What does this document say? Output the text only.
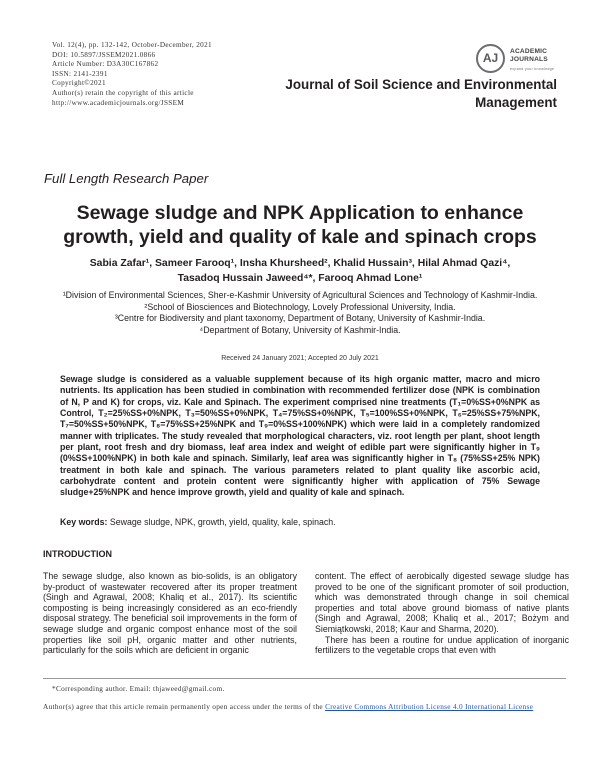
Vol. 12(4), pp. 132-142, October-December, 2021
DOI: 10.5897/JSSEM2021.0866
Article Number: D3A30C167862
ISSN: 2141-2391
Copyright©2021
Author(s) retain the copyright of this article
http://www.academicjournals.org/JSSEM
AJ	ACADEMIC
JOURNALS
expand your knowledge
Journal of Soil Science and Environmental Management
Full Length Research Paper
Sewage sludge and NPK Application to enhance growth, yield and quality of kale and spinach crops
Sabia Zafar¹, Sameer Farooq¹, Insha Khursheed², Khalid Hussain³, Hilal Ahmad Qazi⁴,
Tasadoq Hussain Jaweed⁴*, Farooq Ahmad Lone¹
¹Division of Environmental Sciences, Sher-e-Kashmir University of Agricultural Sciences and Technology of Kashmir-India.
²School of Biosciences and Biotechnology, Lovely Professional University, India.
³Centre for Biodiversity and plant taxonomy, Department of Botany, University of Kashmir-India.
⁴Department of Botany, University of Kashmir-India.
Received 24 January 2021; Accepted 20 July 2021
Sewage sludge is considered as a valuable supplement because of its high organic matter, macro and micro nutrients. Its application has been studied in combination with recommended fertilizer dose (NPK is combination of N, P and K) for crops, viz. Kale and Spinach. The experiment comprised nine treatments (T₁=0%SS+0%NPK as Control, T₂=25%SS+0%NPK, T₃=50%SS+0%NPK, T₄=75%SS+0%NPK, T₅=100%SS+0%NPK, T₆=25%SS+75%NPK, T₇=50%SS+50%NPK, T₈=75%SS+25%NPK and T₉=0%SS+100%NPK) which were laid in a completely randomized manner with triplicates. The study revealed that morphological characters, viz. root length per plant, shoot length per plant, root fresh and dry biomass, leaf area index and weight of edible part were significantly higher in T₉ (0%SS+100%NPK) in both kale and spinach. Similarly, leaf area was significantly higher in T₈ (75%SS+25% NPK) treatment in both kale and spinach. The various parameters related to plant quality like ascorbic acid, carbohydrate content and protein content were significantly higher with application of 75% Sewage sludge+25%NPK and hence improve growth, yield and quality of kale and spinach.
Key words: Sewage sludge, NPK, growth, yield, quality, kale, spinach.
INTRODUCTION

The sewage sludge, also known as bio-solids, is an obligatory by-product of wastewater recovered after its proper treatment (Singh and Agrawal, 2008; Khaliq et al., 2017). Its scientific composting is being increasingly considered as an eco-friendly disposal strategy. The beneficial soil improvements in the form of sewage sludge and organic compost enhance most of the soil properties like soil pH, organic matter and other nutrients, particularly for the soils which are deficient in organic

content. The effect of aerobically digested sewage sludge has proved to be one of the significant promoter of soil production, which was demonstrated through change in soil chemical properties and total above ground biomass of native plants (Singh and Agrawal, 2008; Khaliq et al., 2017; Bożym and Siemiątkowski, 2018; Kaur and Sharma, 2020).

There has been a routine for undue application of inorganic fertilizers to the vegetable crops that even with

*Corresponding author. Email: thjaweed@gmail.com.
Author(s) agree that this article remain permanently open access under the terms of the Creative Commons Attribution License 4.0 International License
